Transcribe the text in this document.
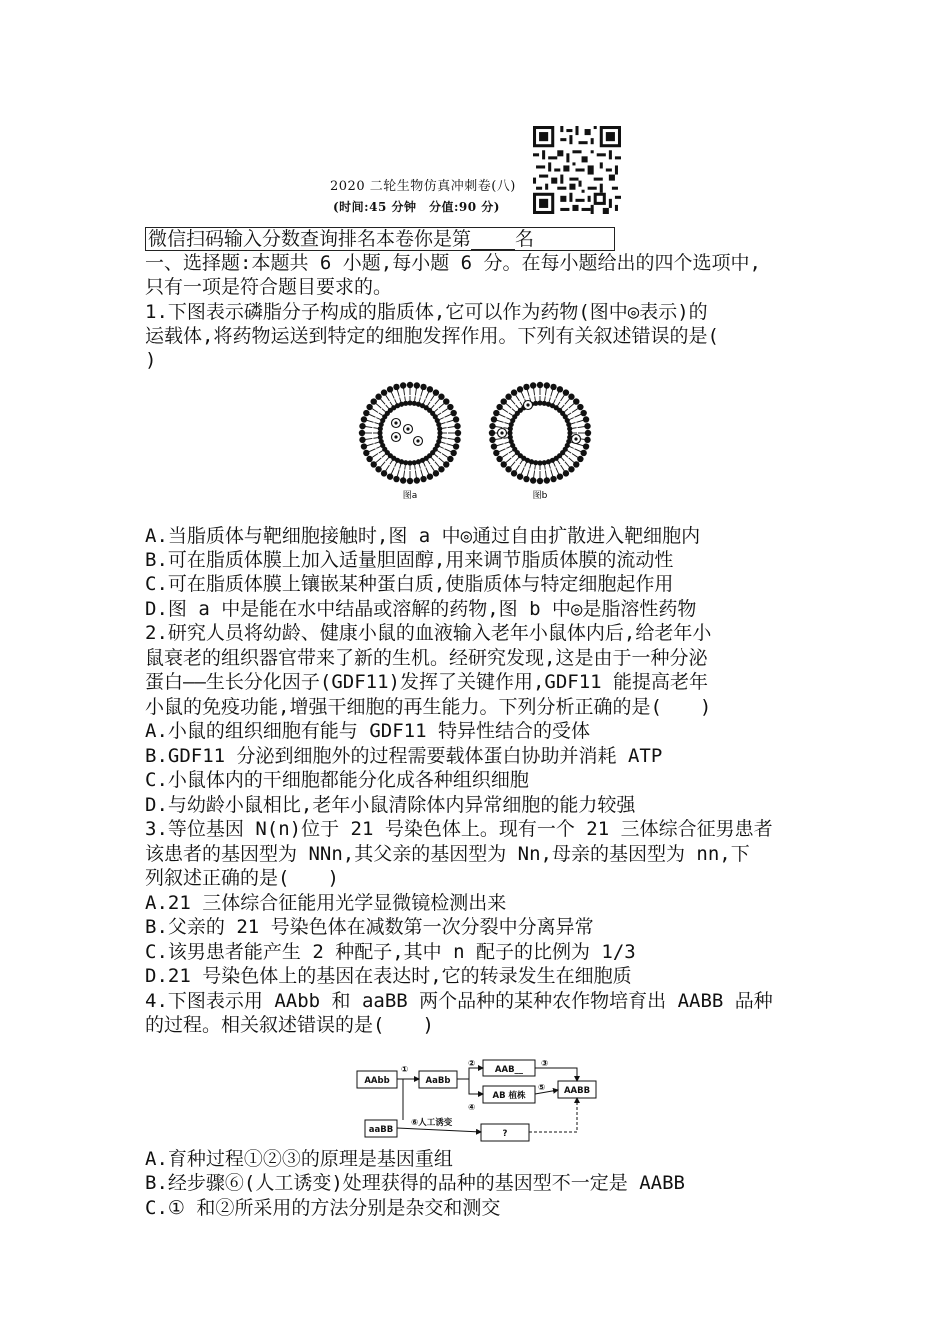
2020 二轮生物仿真冲刺卷(八)
(时间:45 分钟　分值:90 分)
微信扫码输入分数查询排名本卷你是第 名
一、选择题:本题共 6 小题,每小题 6 分。在每小题给出的四个选项中,
只有一项是符合题目要求的。
1.下图表示磷脂分子构成的脂质体,它可以作为药物(图中◎表示)的
运载体,将药物运送到特定的细胞发挥作用。下列有关叙述错误的是(
)
图a	图b
A.当脂质体与靶细胞接触时,图 a 中◎通过自由扩散进入靶细胞内
B.可在脂质体膜上加入适量胆固醇,用来调节脂质体膜的流动性
C.可在脂质体膜上镶嵌某种蛋白质,使脂质体与特定细胞起作用
D.图 a 中是能在水中结晶或溶解的药物,图 b 中◎是脂溶性药物
2.研究人员将幼龄、健康小鼠的血液输入老年小鼠体内后,给老年小
鼠衰老的组织器官带来了新的生机。经研究发现,这是由于一种分泌
蛋白——生长分化因子(GDF11)发挥了关键作用,GDF11 能提高老年
小鼠的免疫功能,增强干细胞的再生能力。下列分析正确的是(　　)
A.小鼠的组织细胞有能与 GDF11 特异性结合的受体
B.GDF11 分泌到细胞外的过程需要载体蛋白协助并消耗 ATP
C.小鼠体内的干细胞都能分化成各种组织细胞
D.与幼龄小鼠相比,老年小鼠清除体内异常细胞的能力较强
3.等位基因 N(n)位于 21 号染色体上。现有一个 21 三体综合征男患者
该患者的基因型为 NNn,其父亲的基因型为 Nn,母亲的基因型为 nn,下
列叙述正确的是(　　)
A.21 三体综合征能用光学显微镜检测出来
B.父亲的 21 号染色体在减数第一次分裂中分离异常
C.该男患者能产生 2 种配子,其中 n 配子的比例为 1/3
D.21 号染色体上的基因在表达时,它的转录发生在细胞质
4.下图表示用 AAbb 和 aaBB 两个品种的某种农作物培育出 AABB 品种
的过程。相关叙述错误的是(　　)
AAbb
aaBB
AaBb
AAB__
AB 植株	AABB
?
①
②	③
④
⑤
⑥人工诱变
A.育种过程①②③的原理是基因重组
B.经步骤⑥(人工诱变)处理获得的品种的基因型不一定是 AABB
C.① 和②所采用的方法分别是杂交和测交
